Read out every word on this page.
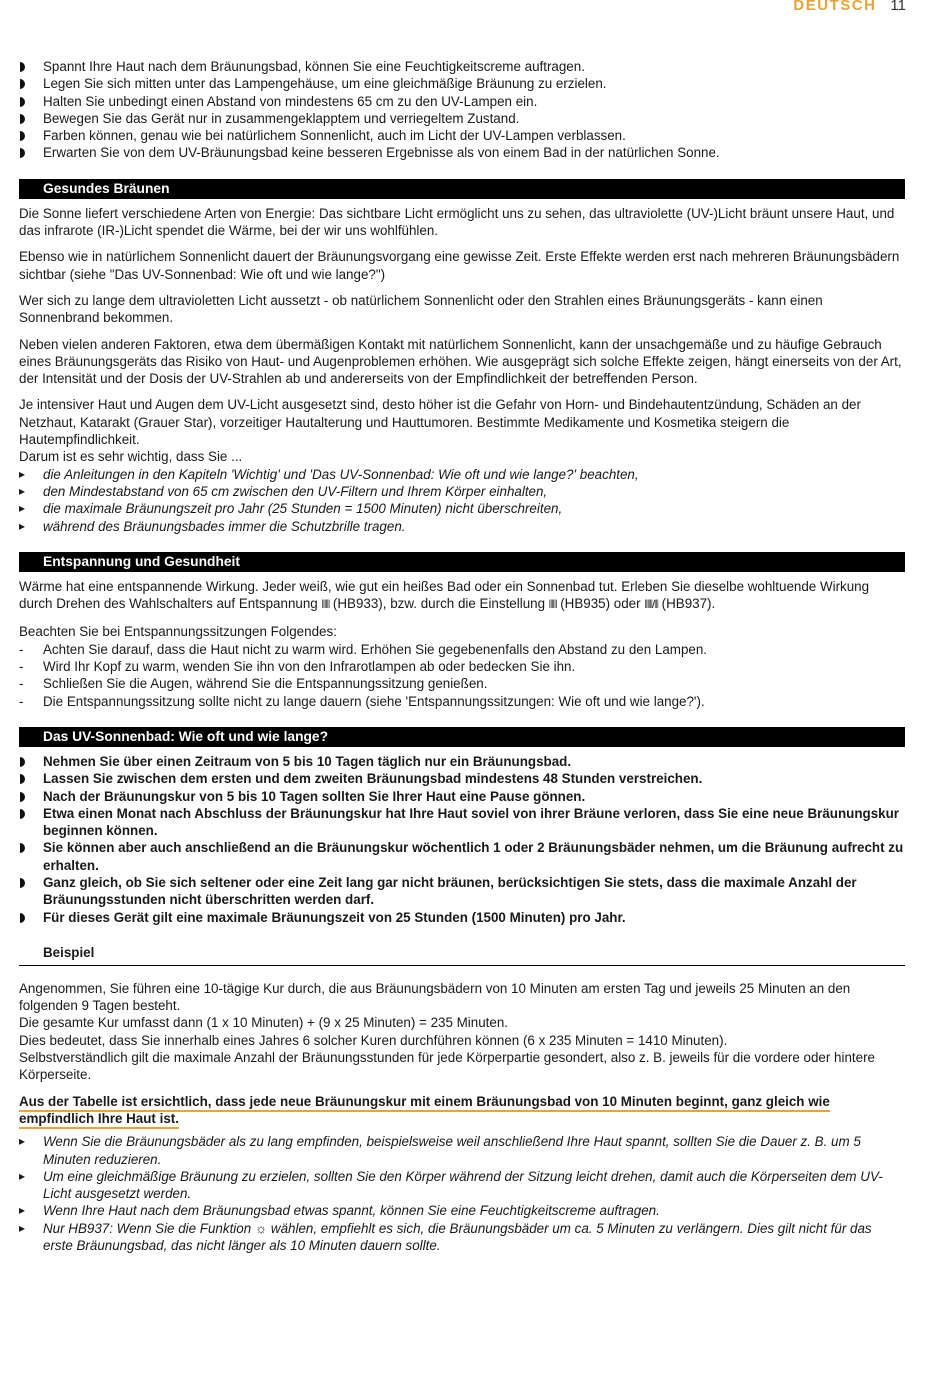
DEUTSCH 11
Spannt Ihre Haut nach dem Bräunungsbad, können Sie eine Feuchtigkeitscreme auftragen.
Legen Sie sich mitten unter das Lampengehäuse, um eine gleichmäßige Bräunung zu erzielen.
Halten Sie unbedingt einen Abstand von mindestens 65 cm zu den UV-Lampen ein.
Bewegen Sie das Gerät nur in zusammengeklapptem und verriegeltem Zustand.
Farben können, genau wie bei natürlichem Sonnenlicht, auch im Licht der UV-Lampen verblassen.
Erwarten Sie von dem UV-Bräunungsbad keine besseren Ergebnisse als von einem Bad in der natürlichen Sonne.
Gesundes Bräunen

Die Sonne liefert verschiedene Arten von Energie: Das sichtbare Licht ermöglicht uns zu sehen, das ultraviolette (UV-)Licht bräunt unsere Haut, und das infrarote (IR-)Licht spendet die Wärme, bei der wir uns wohlfühlen.

Ebenso wie in natürlichem Sonnenlicht dauert der Bräunungsvorgang eine gewisse Zeit. Erste Effekte werden erst nach mehreren Bräunungsbädern sichtbar (siehe "Das UV-Sonnenbad: Wie oft und wie lange?")

Wer sich zu lange dem ultravioletten Licht aussetzt - ob natürlichem Sonnenlicht oder den Strahlen eines Bräunungsgeräts - kann einen Sonnenbrand bekommen.

Neben vielen anderen Faktoren, etwa dem übermäßigen Kontakt mit natürlichem Sonnenlicht, kann der unsachgemäße und zu häufige Gebrauch eines Bräunungsgeräts das Risiko von Haut- und Augenproblemen erhöhen. Wie ausgeprägt sich solche Effekte zeigen, hängt einerseits von der Art, der Intensität und der Dosis der UV-Strahlen ab und andererseits von der Empfindlichkeit der betreffenden Person.

Je intensiver Haut und Augen dem UV-Licht ausgesetzt sind, desto höher ist die Gefahr von Horn- und Bindehautentzündung, Schäden an der Netzhaut, Katarakt (Grauer Star), vorzeitiger Hautalterung und Hauttumoren. Bestimmte Medikamente und Kosmetika steigern die Hautempfindlichkeit.

Darum ist es sehr wichtig, dass Sie ...

▸ die Anleitungen in den Kapiteln 'Wichtig' und 'Das UV-Sonnenbad: Wie oft und wie lange?' beachten,
▸ den Mindestabstand von 65 cm zwischen den UV-Filtern und Ihrem Körper einhalten,
▸ die maximale Bräunungszeit pro Jahr (25 Stunden = 1500 Minuten) nicht überschreiten,
▸ während des Bräunungsbades immer die Schutzbrille tragen.
Entspannung und Gesundheit

Wärme hat eine entspannende Wirkung. Jeder weiß, wie gut ein heißes Bad oder ein Sonnenbad tut. Erleben Sie dieselbe wohltuende Wirkung durch Drehen des Wahlschalters auf Entspannung ⦀⦀ (HB933), bzw. durch die Einstellung ⦀⦀ (HB935) oder ⦀⦀/⦀ (HB937).

Beachten Sie bei Entspannungssitzungen Folgendes:

- Achten Sie darauf, dass die Haut nicht zu warm wird. Erhöhen Sie gegebenenfalls den Abstand zu den Lampen.
- Wird Ihr Kopf zu warm, wenden Sie ihn von den Infrarotlampen ab oder bedecken Sie ihn.
- Schließen Sie die Augen, während Sie die Entspannungssitzung genießen.
- Die Entspannungssitzung sollte nicht zu lange dauern (siehe 'Entspannungssitzungen: Wie oft und wie lange?').
Das UV-Sonnenbad: Wie oft und wie lange?
Nehmen Sie über einen Zeitraum von 5 bis 10 Tagen täglich nur ein Bräunungsbad.
Lassen Sie zwischen dem ersten und dem zweiten Bräunungsbad mindestens 48 Stunden verstreichen.
Nach der Bräunungskur von 5 bis 10 Tagen sollten Sie Ihrer Haut eine Pause gönnen.
Etwa einen Monat nach Abschluss der Bräunungskur hat Ihre Haut soviel von ihrer Bräune verloren, dass Sie eine neue Bräunungskur beginnen können.
Sie können aber auch anschließend an die Bräunungskur wöchentlich 1 oder 2 Bräunungsbäder nehmen, um die Bräunung aufrecht zu erhalten.
Ganz gleich, ob Sie sich seltener oder eine Zeit lang gar nicht bräunen, berücksichtigen Sie stets, dass die maximale Anzahl der Bräunungsstunden nicht überschritten werden darf.
Für dieses Gerät gilt eine maximale Bräunungszeit von 25 Stunden (1500 Minuten) pro Jahr.
Beispiel

Angenommen, Sie führen eine 10-tägige Kur durch, die aus Bräunungsbädern von 10 Minuten am ersten Tag und jeweils 25 Minuten an den folgenden 9 Tagen besteht.

Die gesamte Kur umfasst dann (1 x 10 Minuten) + (9 x 25 Minuten) = 235 Minuten.

Dies bedeutet, dass Sie innerhalb eines Jahres 6 solcher Kuren durchführen können (6 x 235 Minuten = 1410 Minuten).

Selbstverständlich gilt die maximale Anzahl der Bräunungsstunden für jede Körperpartie gesondert, also z. B. jeweils für die vordere oder hintere Körperseite.

Aus der Tabelle ist ersichtlich, dass jede neue Bräunungskur mit einem Bräunungsbad von 10 Minuten beginnt, ganz gleich wie empfindlich Ihre Haut ist.

▸ Wenn Sie die Bräunungsbäder als zu lang empfinden, beispielsweise weil anschließend Ihre Haut spannt, sollten Sie die Dauer z. B. um 5 Minuten reduzieren.
▸ Um eine gleichmäßige Bräunung zu erzielen, sollten Sie den Körper während der Sitzung leicht drehen, damit auch die Körperseiten dem UV-Licht ausgesetzt werden.
▸ Wenn Ihre Haut nach dem Bräunungsbad etwas spannt, können Sie eine Feuchtigkeitscreme auftragen.
▸ Nur HB937: Wenn Sie die Funktion ☼ wählen, empfiehlt es sich, die Bräunungsbäder um ca. 5 Minuten zu verlängern. Dies gilt nicht für das erste Bräunungsbad, das nicht länger als 10 Minuten dauern sollte.
